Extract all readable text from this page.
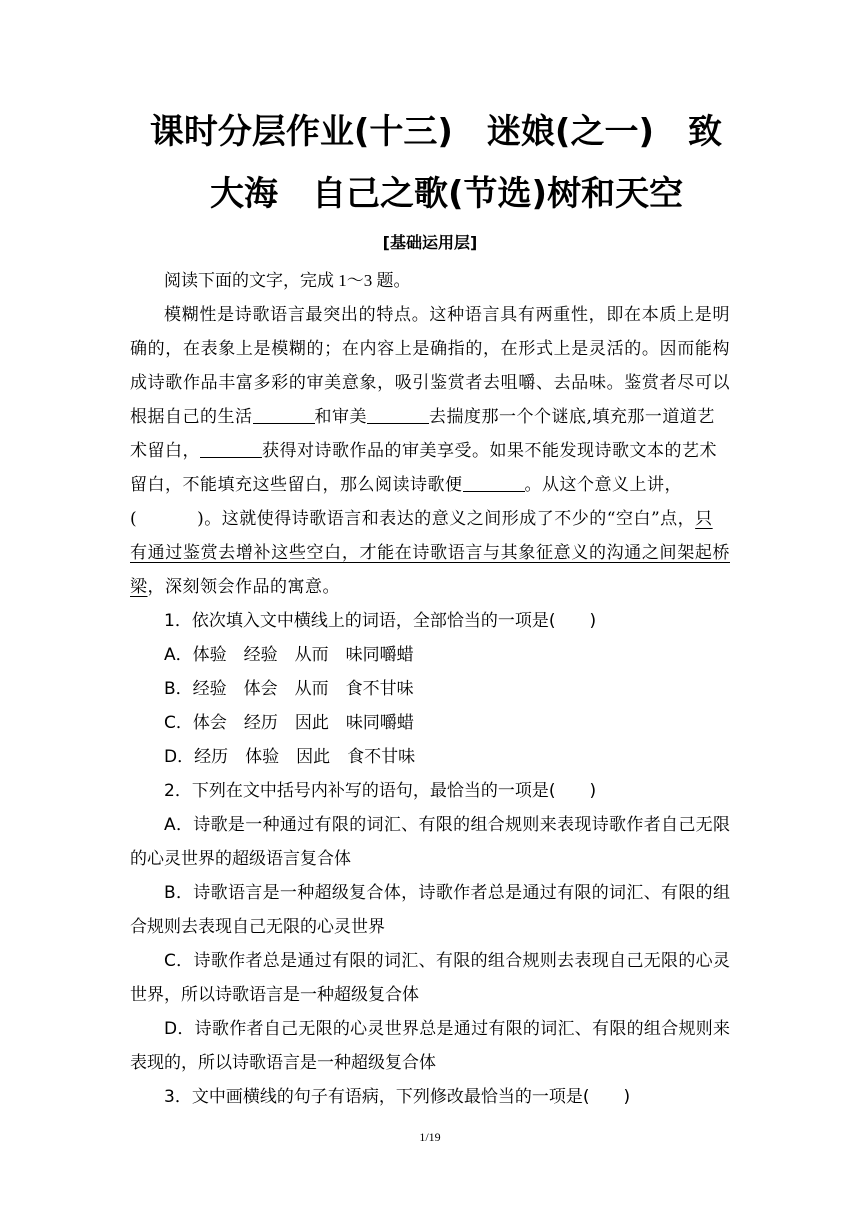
课时分层作业(十三)　迷娘(之一)　致
大海　自己之歌(节选)树和天空
[基础运用层]
阅读下面的文字，完成 1～3 题。
模糊性是诗歌语言最突出的特点。这种语言具有两重性，即在本质上是明
确的，在表象上是模糊的；在内容上是确指的，在形式上是灵活的。因而能构
成诗歌作品丰富多彩的审美意象，吸引鉴赏者去咀嚼、去品味。鉴赏者尽可以
根据自己的生活	和审美	去揣度那一个个谜底,填充那一道道艺
术留白，	获得对诗歌作品的审美享受。如果不能发现诗歌文本的艺术
留白，不能填充这些留白，那么阅读诗歌便	。从这个意义上讲，
(	)。这就使得诗歌语言和表达的意义之间形成了不少的“空白”点，只
有通过鉴赏去增补这些空白，才能在诗歌语言与其象征意义的沟通之间架起桥
梁，深刻领会作品的寓意。
1．依次填入文中横线上的词语，全部恰当的一项是(　　)
A．体验　经验　从而　味同嚼蜡
B．经验　体会　从而　食不甘味
C．体会　经历　因此　味同嚼蜡
D．经历　体验　因此　食不甘味
2．下列在文中括号内补写的语句，最恰当的一项是(　　)
A．诗歌是一种通过有限的词汇、有限的组合规则来表现诗歌作者自己无限
的心灵世界的超级语言复合体
B．诗歌语言是一种超级复合体，诗歌作者总是通过有限的词汇、有限的组
合规则去表现自己无限的心灵世界
C．诗歌作者总是通过有限的词汇、有限的组合规则去表现自己无限的心灵
世界，所以诗歌语言是一种超级复合体
D．诗歌作者自己无限的心灵世界总是通过有限的词汇、有限的组合规则来
表现的，所以诗歌语言是一种超级复合体
3．文中画横线的句子有语病，下列修改最恰当的一项是(　　)
1/19
